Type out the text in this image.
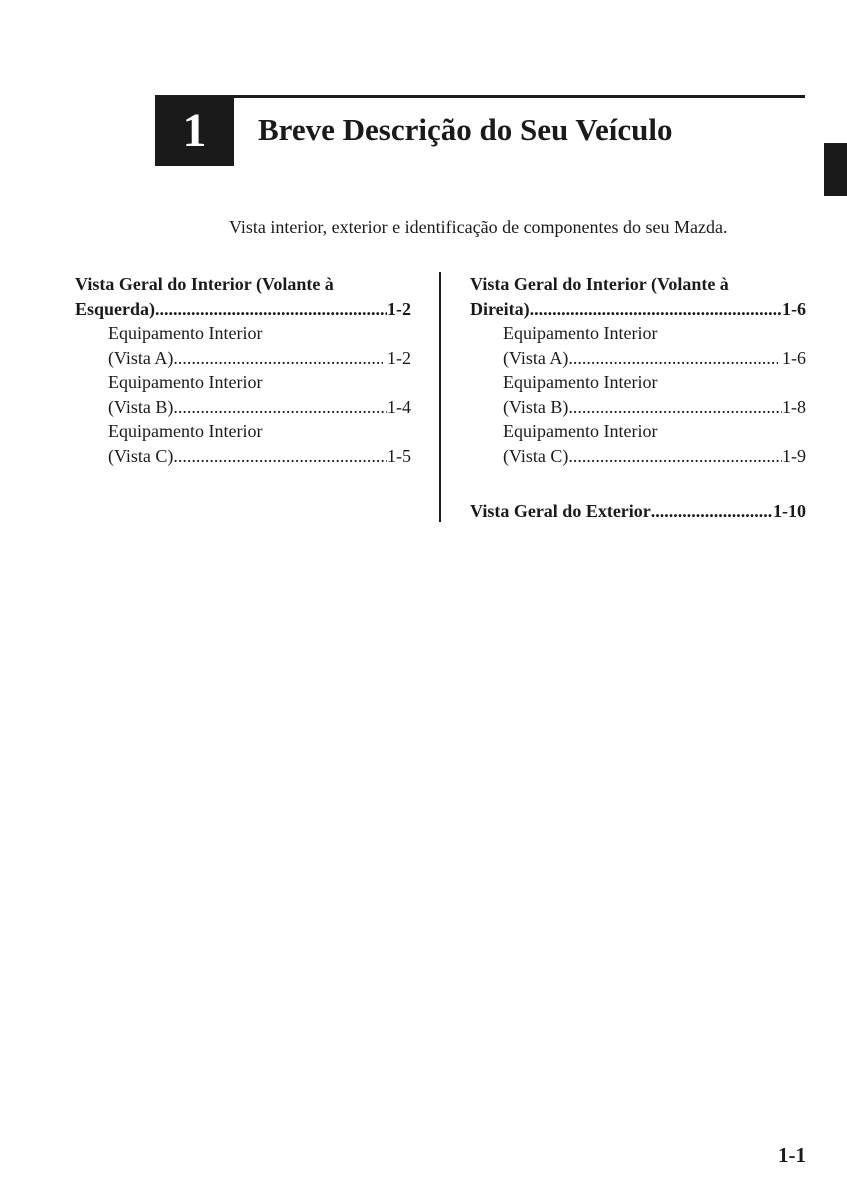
1 Breve Descrição do Seu Veículo
Vista interior, exterior e identificação de componentes do seu Mazda.
Vista Geral do Interior (Volante à
Esquerda) .....	1-2
Equipamento Interior
(Vista A) .....	1-2
Equipamento Interior
(Vista B) .....	1-4
Equipamento Interior
(Vista C) .....	1-5
Vista Geral do Interior (Volante à
Direita) .....	1-6
Equipamento Interior
(Vista A) .....	1-6
Equipamento Interior
(Vista B) .....	1-8
Equipamento Interior
(Vista C) .....	1-9
Vista Geral do Exterior .....	1-10
1-1
